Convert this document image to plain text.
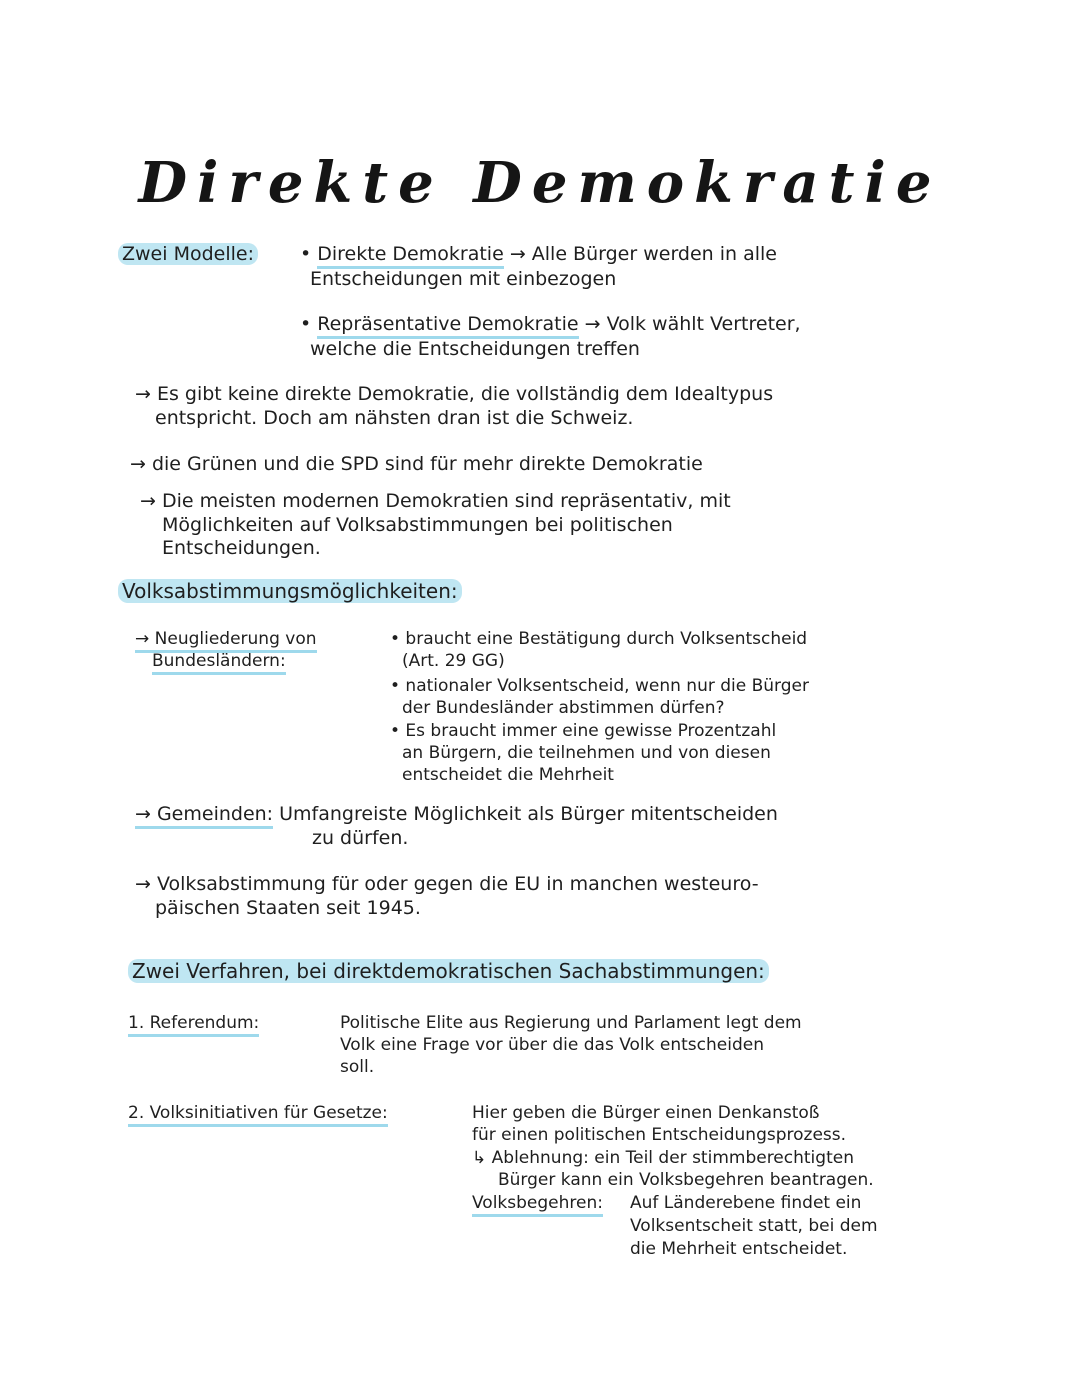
Direkte Demokratie
Zwei Modelle: • Direkte Demokratie → Alle Bürger werden in alle
Entscheidungen mit einbezogen
• Repräsentative Demokratie → Volk wählt Vertreter,
welche die Entscheidungen treffen
→ Es gibt keine direkte Demokratie, die vollständig dem Idealtypus
entspricht. Doch am nähsten dran ist die Schweiz.
→ die Grünen und die SPD sind für mehr direkte Demokratie
→ Die meisten modernen Demokratien sind repräsentativ, mit
Möglichkeiten auf Volksabstimmungen bei politischen
Entscheidungen.
Volksabstimmungsmöglichkeiten:
→ Neugliederung von
Bundesländern:
• braucht eine Bestätigung durch Volksentscheid
(Art. 29 GG)
• nationaler Volksentscheid, wenn nur die Bürger
der Bundesländer abstimmen dürfen?
• Es braucht immer eine gewisse Prozentzahl
an Bürgern, die teilnehmen und von diesen
entscheidet die Mehrheit
→ Gemeinden: Umfangreiste Möglichkeit als Bürger mitentscheiden
zu dürfen.
→ Volksabstimmung für oder gegen die EU in manchen westeuro-
päischen Staaten seit 1945.
Zwei Verfahren, bei direktdemokratischen Sachabstimmungen:
1. Referendum:	Politische Elite aus Regierung und Parlament legt dem
Volk eine Frage vor über die das Volk entscheiden
soll.
2. Volksinitiativen für Gesetze:	Hier geben die Bürger einen Denkanstoß
für einen politischen Entscheidungsprozess.
↳ Ablehnung: ein Teil der stimmberechtigten
Bürger kann ein Volksbegehren beantragen.
Volksbegehren: Auf Länderebene findet ein
Volksentscheit statt, bei dem
die Mehrheit entscheidet.
